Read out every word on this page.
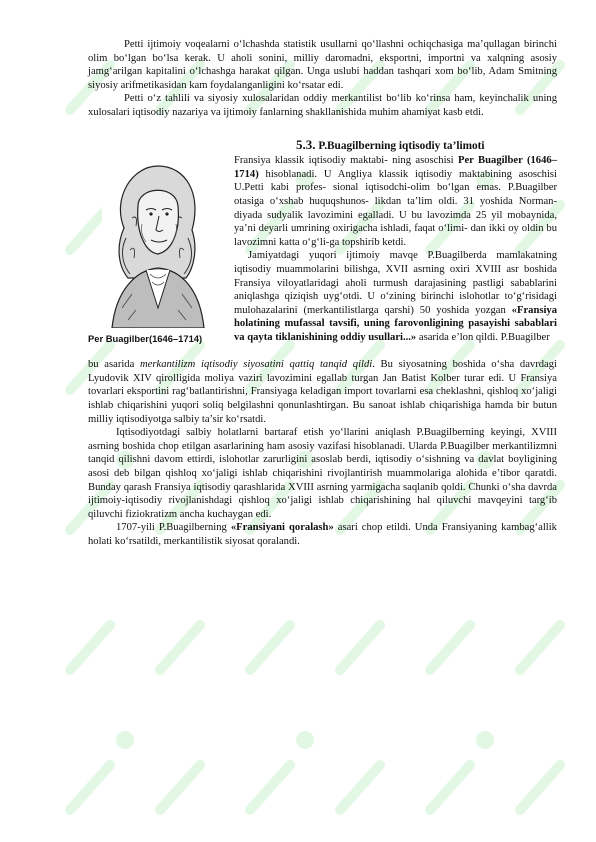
Petti ijtimoiy voqealarni o‘lchashda statistik usullarni qo‘llashni ochiqchasiga ma’qullagan birinchi olim bo‘lgan bo‘lsa kerak. U aholi sonini, milliy daromadni, eksportni, importni va xalqning asosiy jamg‘arilgan kapitalini o‘lchashga harakat qilgan. Unga uslubi haddan tashqari xom bo‘lib, Adam Smitning siyosiy arifmetikasidan kam foydalanganligini ko‘rsatar edi.

Petti o‘z tahlili va siyosiy xulosalaridan oddiy merkantilist bo‘lib ko‘rinsa ham, keyinchalik uning xulosalari iqtisodiy nazariya va ijtimoiy fanlarning shakllanishida muhim ahamiyat kasb etdi.

5.3. P.Buagilberning iqtisodiy ta’limoti
Per Buagilber(1646–1714)

Fransiya klassik iqtisodiy maktabi- ning asoschisi Per Buagilber (1646–1714) hisoblanadi. U Angliya klassik iqtisodiy maktabining asoschisi U.Petti kabi profes- sional iqtisodchi-olim bo‘lgan emas. P.Buagilber otasiga o‘xshab huquqshunos- likdan ta’lim oldi. 31 yoshida Norman- diyada sudyalik lavozimini egalladi. U bu lavozimda 25 yil mobaynida, ya’ni deyarli umrining oxirigacha ishladi, faqat o‘limi- dan ikki oy oldin bu lavozimni katta o‘g‘li-ga topshirib ketdi.

Jamiyatdagi yuqori ijtimoiy mavqe P.Buagilberda mamlakatning iqtisodiy muammolarini bilishga, XVII asrning oxiri XVIII asr boshida Fransiya viloyatlaridagi aholi turmush darajasining pastligi sabablarini aniqlashga qiziqish uyg‘otdi. U o‘zining birinchi islohotlar to‘g‘risidagi mulohazalarini (merkantilistlarga qarshi) 50 yoshida yozgan «Fransiya holatining mufassal tavsifi, uning farovonligining pasayishi sabablari va qayta tiklanishining oddiy usullari...» asarida e’lon qildi. P.Buagilber

bu asarida merkantilizm iqtisodiy siyosatini qattiq tanqid qildi. Bu siyosatning boshida o‘sha davrdagi Lyudovik XIV qirolligida moliya vaziri lavozimini egallab turgan Jan Batist Kolber turar edi. U Fransiya tovarlari eksportini rag‘batlantirishni, Fransiyaga keladigan import tovarlarni esa cheklashni, qishloq xo‘jaligi ishlab chiqarishini yuqori soliq belgilashni qonunlashtirgan. Bu sanoat ishlab chiqarishiga hamda bir butun milliy iqtisodiyotga salbiy ta’sir ko‘rsatdi.

Iqtisodiyotdagi salbiy holatlarni bartaraf etish yo‘llarini aniqlash P.Buagilberning keyingi, XVIII asrning boshida chop etilgan asarlarining ham asosiy vazifasi hisoblanadi. Ularda P.Buagilber merkantilizmni tanqid qilishni davom ettirdi, islohotlar zarurligini asoslab berdi, iqtisodiy o‘sishning va davlat boyligining asosi deb bilgan qishloq xo‘jaligi ishlab chiqarishini rivojlantirish muammolariga alohida e’tibor qaratdi. Bunday qarash Fransiya iqtisodiy qarashlarida XVIII asrning yarmigacha saqlanib qoldi. Chunki o‘sha davrda ijtimoiy-iqtisodiy rivojlanishdagi qishloq xo‘jaligi ishlab chiqarishining hal qiluvchi mavqeyini targ‘ib qiluvchi fiziokratizm ancha kuchaygan edi.

1707-yili P.Buagilberning «Fransiyani qoralash» asari chop etildi. Unda Fransiyaning kambag‘allik holati ko‘rsatildi, merkantilistik siyosat qoralandi.
